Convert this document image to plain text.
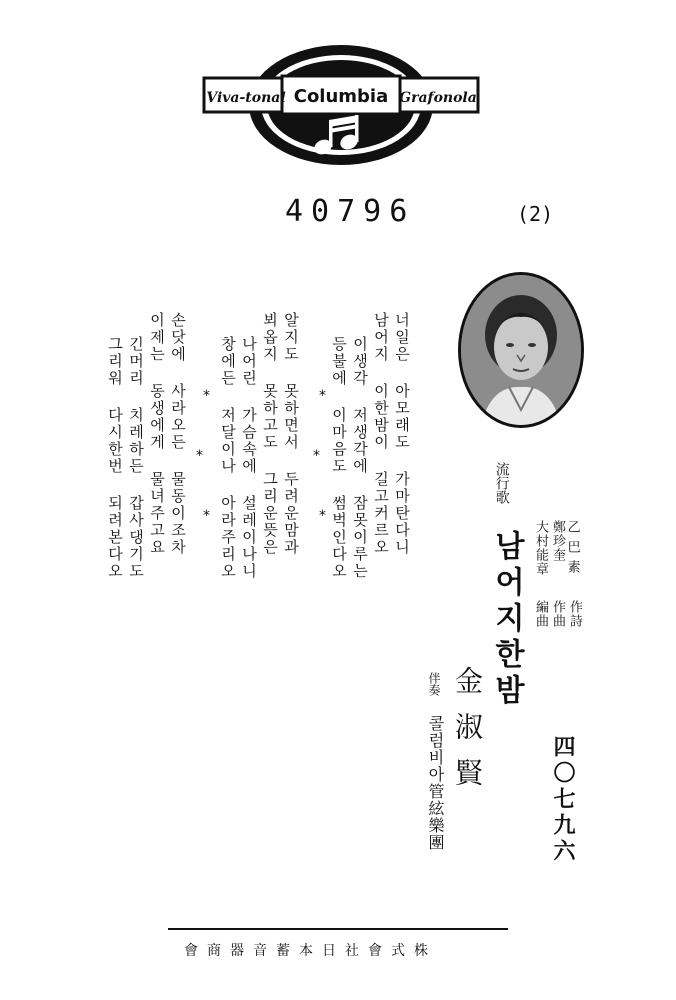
Viva-tonal Columbia Grafonola
40796	(2)
너일은 아모래도 가마탄다니
남어지 이한밤이 길고커르오
이생각 저생각에 잠못이루는
등불에 이마음도 썸벅인다오
알지도 못하면서 두려운맘과
뵈옵지 못하고도 그리운뜻은
나어린 가슴속에 설레이나니
창에든 저달이나 아라주리오
손닷에 사라오든 물동이조차
이제는 동생에게 물녀주고요
긴머리 치레하든 갑사댕기도
그리워 다시한번 되려본다오	*
*
*
*
*
*
流行歌
남어지한밤
金淑賢
伴奏
콜럼비아管絃樂團
乙
巴
素
鄭珍奎
大村能章
作詩
作曲
編曲
四〇七九六
株式會社日本蓄音器商會
